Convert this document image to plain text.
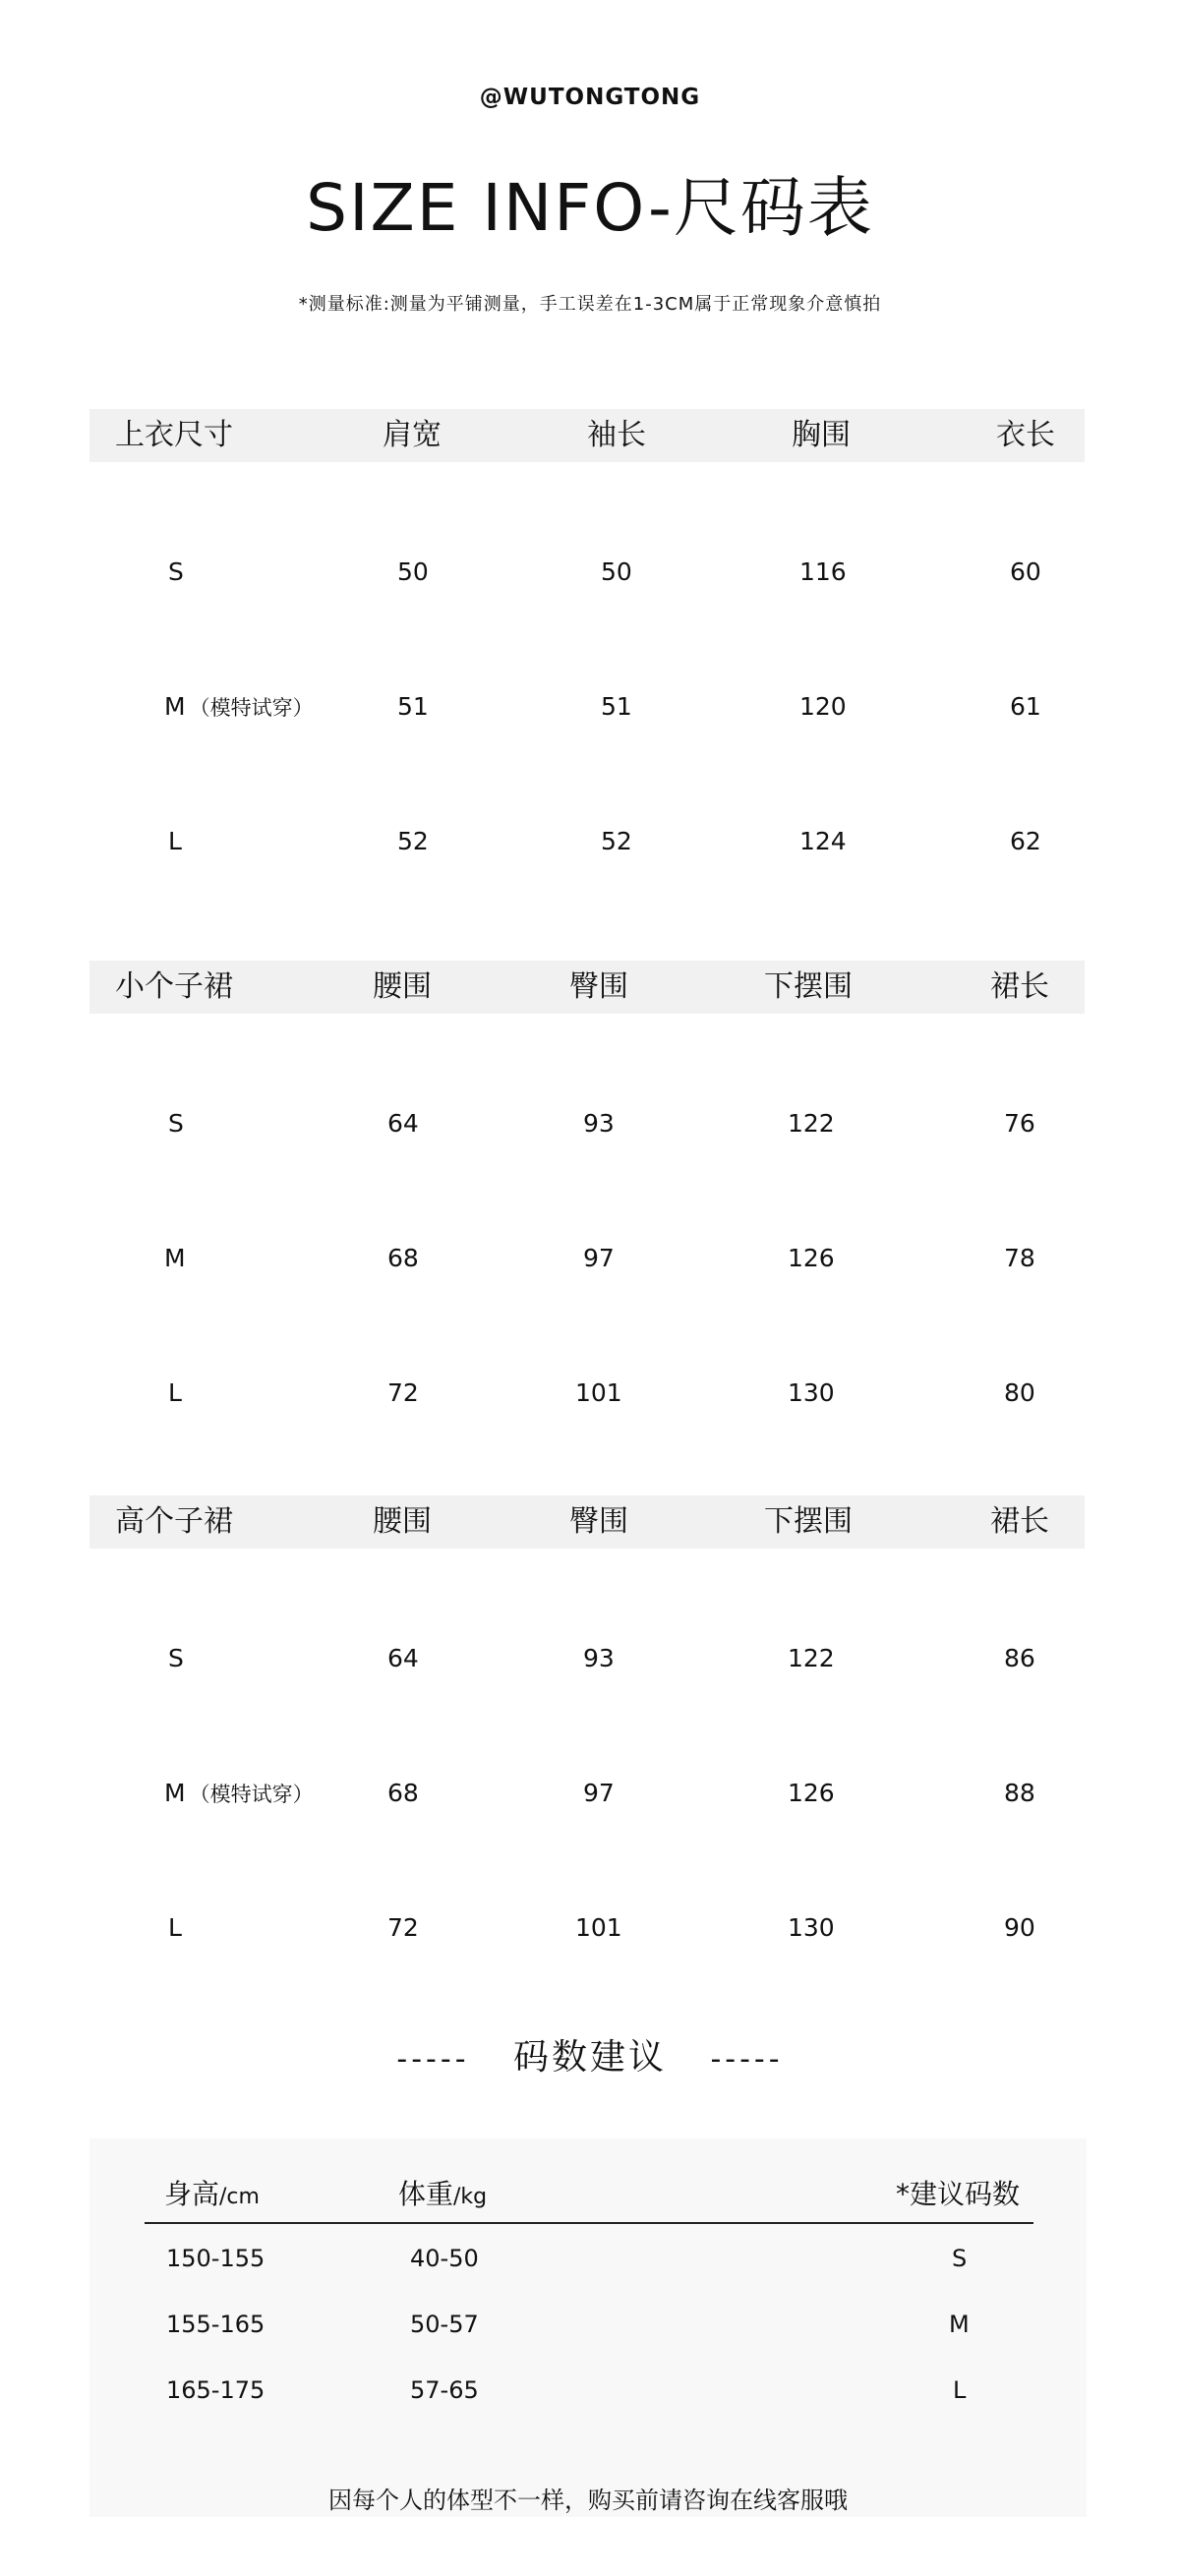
@WUTONGTONG
SIZE INFO-尺码表
*测量标准:测量为平铺测量，手工误差在1-3CM属于正常现象介意慎拍
上衣尺寸	肩宽	袖长	胸围	衣长
S	50	50	116	60
M （模特试穿）	51	51	120	61
L	52	52	124	62
小个子裙	腰围	臀围	下摆围	裙长
S	64	93	122	76
M	68	97	126	78
L	72	101	130	80
高个子裙	腰围	臀围	下摆围	裙长
S	64	93	122	86
M （模特试穿）	68	97	126	88
L	72	101	130	90
----- 码数建议 -----
身高/cm	体重/kg	*建议码数
150-155	40-50	S
155-165	50-57	M
165-175	57-65	L
因每个人的体型不一样，购买前请咨询在线客服哦
